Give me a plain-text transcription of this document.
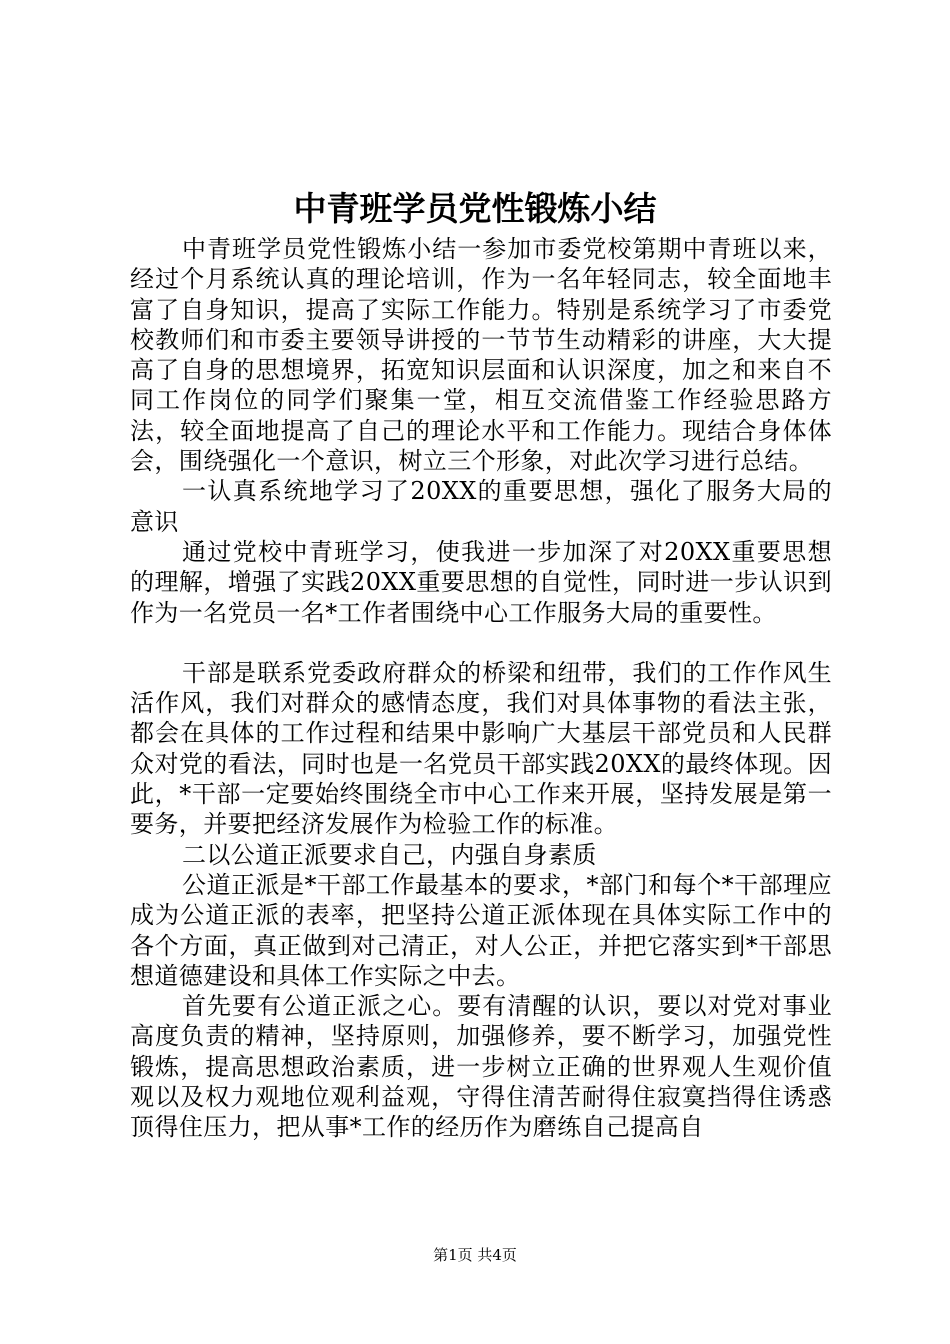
中青班学员党性锻炼小结

中青班学员党性锻炼小结一参加市委党校第期中青班以来，经过个月系统认真的理论培训，作为一名年轻同志，较全面地丰富了自身知识，提高了实际工作能力。特别是系统学习了市委党校教师们和市委主要领导讲授的一节节生动精彩的讲座，大大提高了自身的思想境界，拓宽知识层面和认识深度，加之和来自不同工作岗位的同学们聚集一堂，相互交流借鉴工作经验思路方法，较全面地提高了自己的理论水平和工作能力。现结合身体体会，围绕强化一个意识，树立三个形象，对此次学习进行总结。

一认真系统地学习了20XX的重要思想，强化了服务大局的意识

通过党校中青班学习，使我进一步加深了对20XX重要思想的理解，增强了实践20XX重要思想的自觉性，同时进一步认识到作为一名党员一名*工作者围绕中心工作服务大局的重要性。

干部是联系党委政府群众的桥梁和纽带，我们的工作作风生活作风，我们对群众的感情态度，我们对具体事物的看法主张，都会在具体的工作过程和结果中影响广大基层干部党员和人民群众对党的看法，同时也是一名党员干部实践20XX的最终体现。因此，*干部一定要始终围绕全市中心工作来开展，坚持发展是第一要务，并要把经济发展作为检验工作的标准。

二以公道正派要求自己，内强自身素质

公道正派是*干部工作最基本的要求，*部门和每个*干部理应成为公道正派的表率，把坚持公道正派体现在具体实际工作中的各个方面，真正做到对己清正，对人公正，并把它落实到*干部思想道德建设和具体工作实际之中去。

首先要有公道正派之心。要有清醒的认识，要以对党对事业高度负责的精神，坚持原则，加强修养，要不断学习，加强党性锻炼，提高思想政治素质，进一步树立正确的世界观人生观价值观以及权力观地位观利益观，守得住清苦耐得住寂寞挡得住诱惑顶得住压力，把从事*工作的经历作为磨练自己提高自

第1页 共4页
